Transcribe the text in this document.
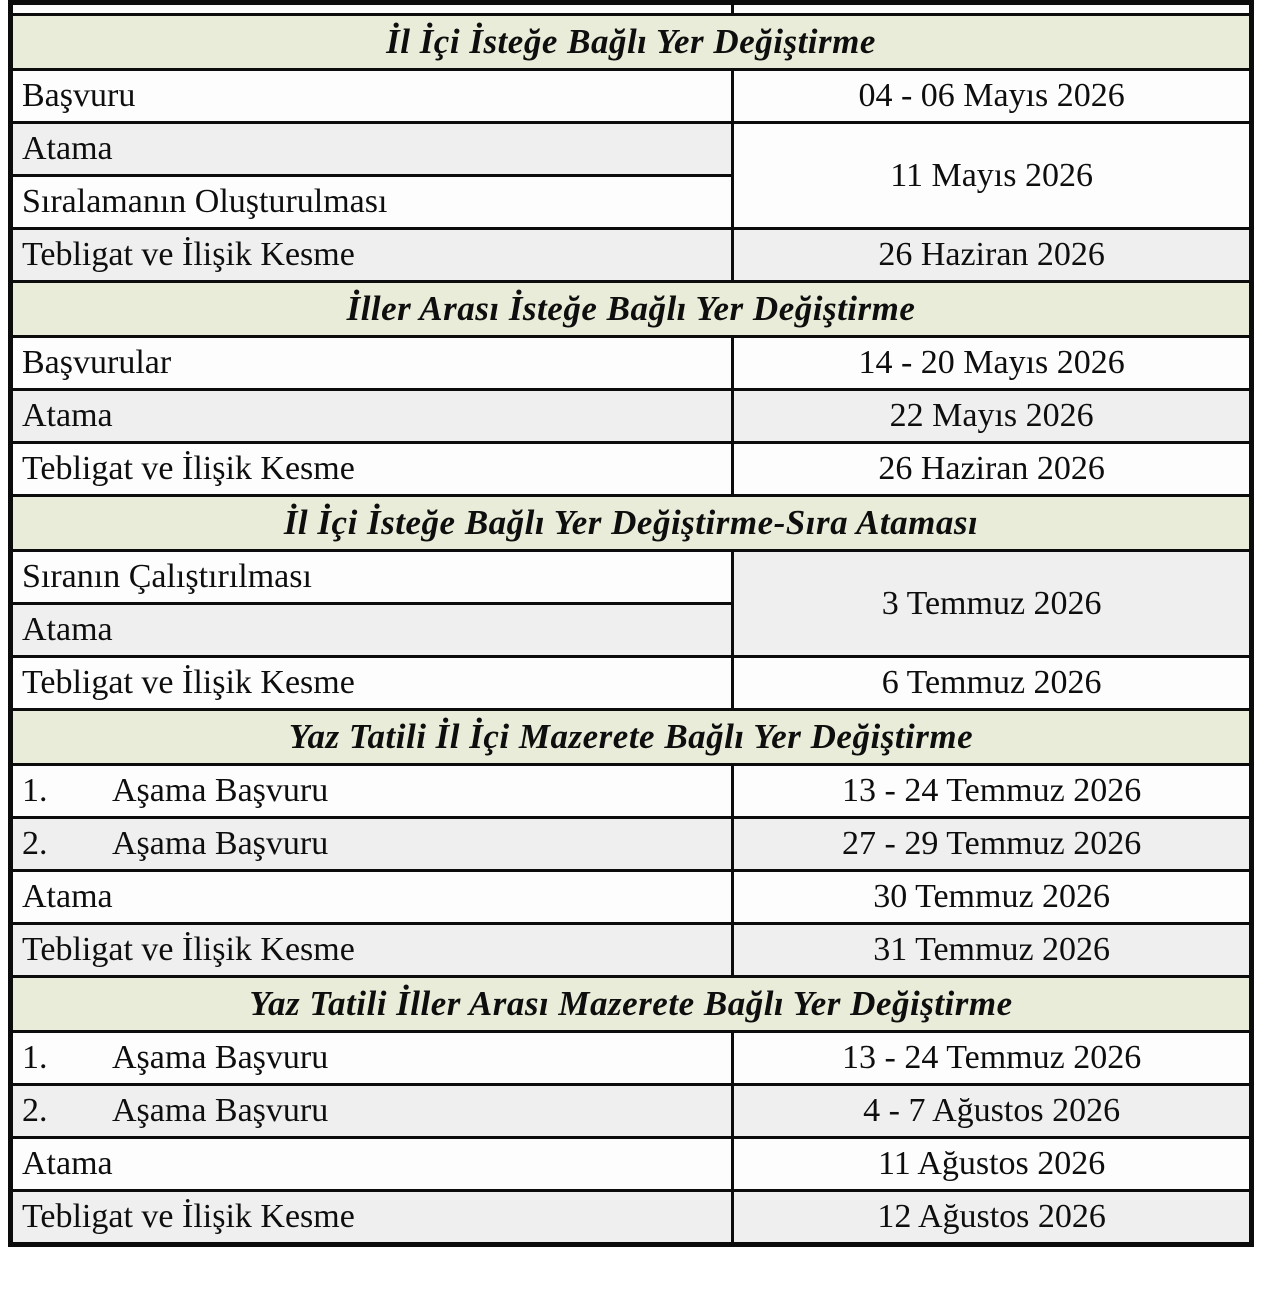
İl İçi İsteğe Bağlı Yer Değiştirme	
Başvuru	04 - 06 Mayıs 2026
Atama	11 Mayıs 2026
Sıralamanın Oluşturulması	
Tebligat ve İlişik Kesme	26 Haziran 2026
İller Arası İsteğe Bağlı Yer Değiştirme	
Başvurular	14 - 20 Mayıs 2026
Atama	22 Mayıs 2026
Tebligat ve İlişik Kesme	26 Haziran 2026
İl İçi İsteğe Bağlı Yer Değiştirme-Sıra Ataması	
Sıranın Çalıştırılması	3 Temmuz 2026
Atama	
Tebligat ve İlişik Kesme	6 Temmuz 2026
Yaz Tatili İl İçi Mazerete Bağlı Yer Değiştirme	
1. Aşama Başvuru	13 - 24 Temmuz 2026
2. Aşama Başvuru	27 - 29 Temmuz 2026
Atama	30 Temmuz 2026
Tebligat ve İlişik Kesme	31 Temmuz 2026
Yaz Tatili İller Arası Mazerete Bağlı Yer Değiştirme	
1. Aşama Başvuru	13 - 24 Temmuz 2026
2. Aşama Başvuru	4 - 7 Ağustos 2026
Atama	11 Ağustos 2026
Tebligat ve İlişik Kesme	12 Ağustos 2026
